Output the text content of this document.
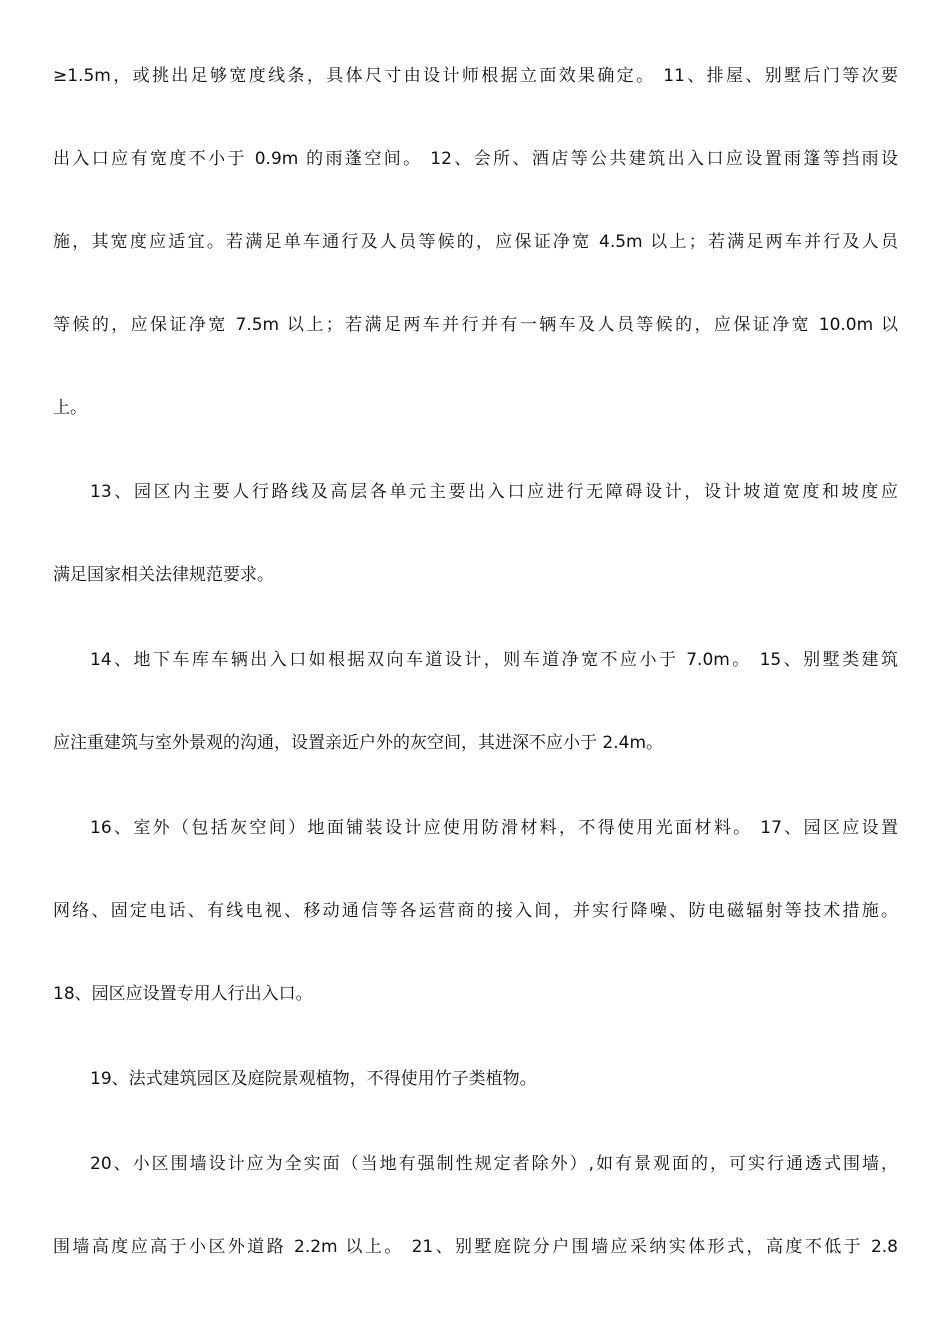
≥1.5m，或挑出足够宽度线条，具体尺寸由设计师根据立面效果确定。 11、排屋、别墅后门等次要
出入口应有宽度不小于 0.9m 的雨蓬空间。 12、会所、酒店等公共建筑出入口应设置雨篷等挡雨设
施，其宽度应适宜。若满足单车通行及人员等候的，应保证净宽 4.5m 以上；若满足两车并行及人员
等候的，应保证净宽 7.5m 以上；若满足两车并行并有一辆车及人员等候的，应保证净宽 10.0m 以
上。
13、园区内主要人行路线及高层各单元主要出入口应进行无障碍设计，设计坡道宽度和坡度应
满足国家相关法律规范要求。
14、地下车库车辆出入口如根据双向车道设计，则车道净宽不应小于 7.0m。 15、别墅类建筑
应注重建筑与室外景观的沟通，设置亲近户外的灰空间，其进深不应小于 2.4m。
16、室外（包括灰空间）地面铺装设计应使用防滑材料，不得使用光面材料。 17、园区应设置
网络、固定电话、有线电视、移动通信等各运营商的接入间，并实行降噪、防电磁辐射等技术措施。
18、园区应设置专用人行出入口。
19、法式建筑园区及庭院景观植物，不得使用竹子类植物。
20、小区围墙设计应为全实面（当地有强制性规定者除外）,如有景观面的，可实行通透式围墙，
围墙高度应高于小区外道路 2.2m 以上。 21、别墅庭院分户围墙应采纳实体形式，高度不低于 2.8
